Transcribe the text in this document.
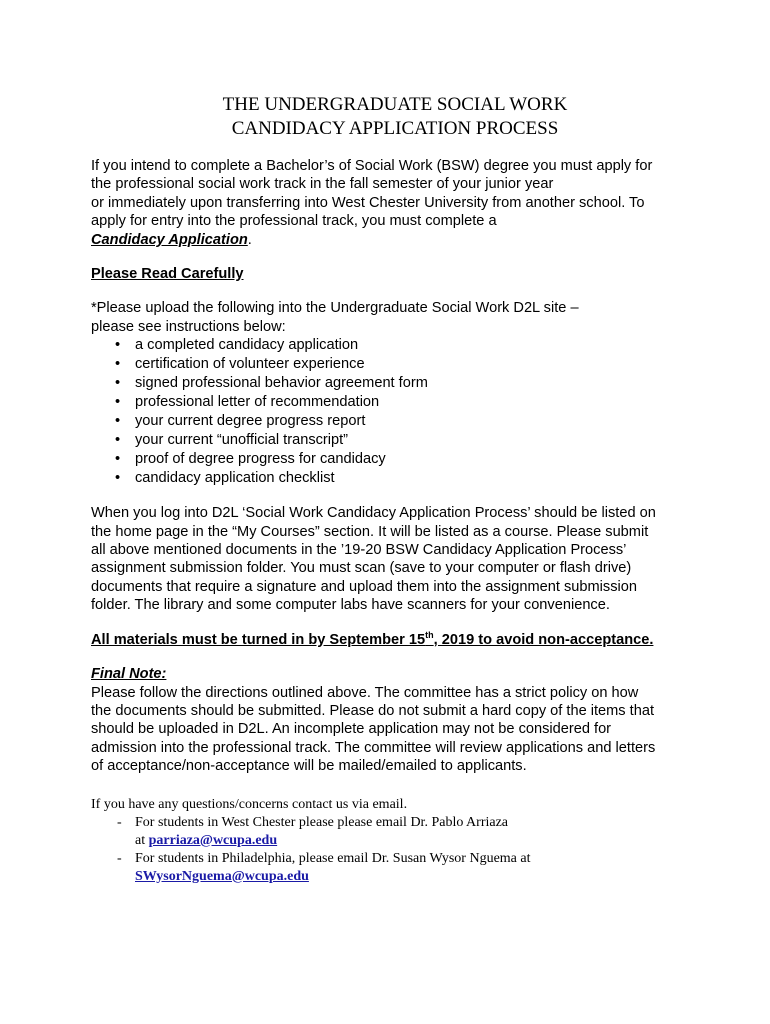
THE UNDERGRADUATE SOCIAL WORK
CANDIDACY APPLICATION PROCESS
If you intend to complete a Bachelor’s of Social Work (BSW) degree you must apply for
the professional social work track in the fall semester of your junior year
or immediately upon transferring into West Chester University from another school. To
apply for entry into the professional track, you must complete a
Candidacy Application.
Please Read Carefully
*Please upload the following into the Undergraduate Social Work D2L site –
please see instructions below:
• a completed candidacy application
• certification of volunteer experience
• signed professional behavior agreement form
• professional letter of recommendation
• your current degree progress report
• your current “unofficial transcript”
• proof of degree progress for candidacy
• candidacy application checklist
When you log into D2L ‘Social Work Candidacy Application Process’ should be listed on
the home page in the “My Courses” section. It will be listed as a course. Please submit
all above mentioned documents in the ’19-20 BSW Candidacy Application Process’
assignment submission folder. You must scan (save to your computer or flash drive)
documents that require a signature and upload them into the assignment submission
folder. The library and some computer labs have scanners for your convenience.
All materials must be turned in by September 15th, 2019 to avoid non-acceptance.
Final Note:
Please follow the directions outlined above. The committee has a strict policy on how
the documents should be submitted. Please do not submit a hard copy of the items that
should be uploaded in D2L. An incomplete application may not be considered for
admission into the professional track. The committee will review applications and letters
of acceptance/non-acceptance will be mailed/emailed to applicants.
If you have any questions/concerns contact us via email.
- For students in West Chester please please email Dr. Pablo Arriaza
at parriaza@wcupa.edu
- For students in Philadelphia, please email Dr. Susan Wysor Nguema at
SWysorNguema@wcupa.edu
